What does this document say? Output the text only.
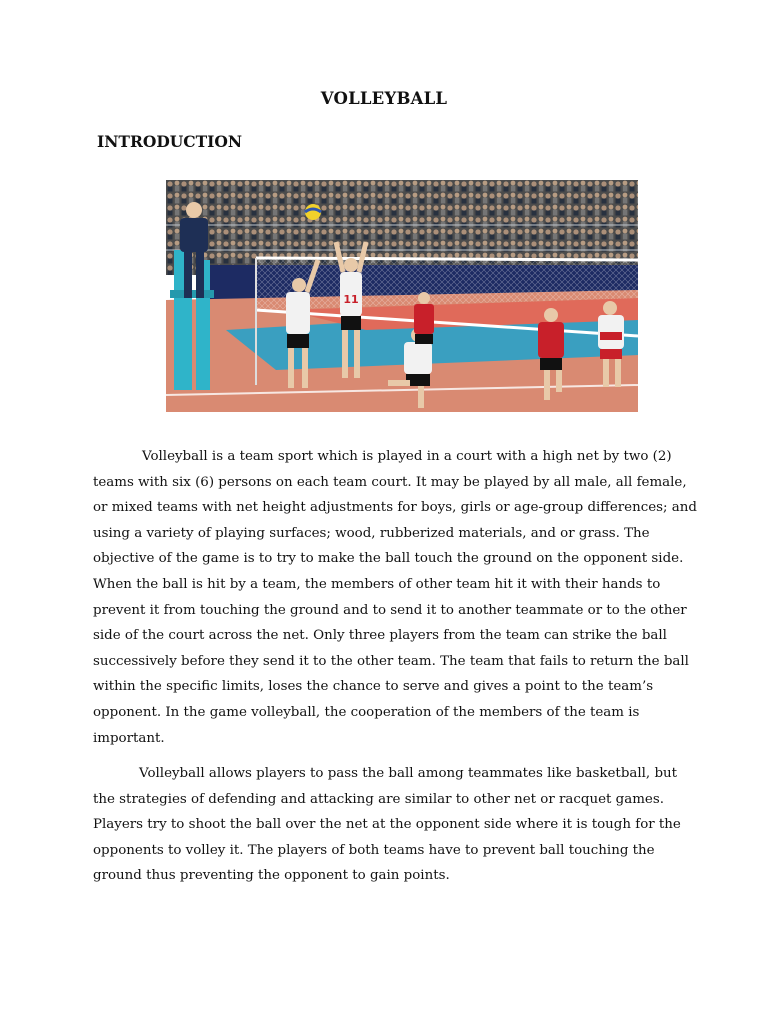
VOLLEYBALL
INTRODUCTION
11

Volleyball is a team sport which is played in a court with a high net by two (2)
teams with six (6) persons on each team court. It may be played by all male, all female,
or mixed teams with net height adjustments for boys, girls or age-group differences; and
using a variety of playing surfaces; wood, rubberized materials, and or grass. The
objective of the game is to try to make the ball touch the ground on the opponent side.
When the ball is hit by a team, the members of other team hit it with their hands to
prevent it from touching the ground and to send it to another teammate or to the other
side of the court across the net. Only three players from the team can strike the ball
successively before they send it to the other team. The team that fails to return the ball
within the specific limits, loses the chance to serve and gives a point to the team’s
opponent. In the game volleyball, the cooperation of the members of the team is
important.

Volleyball allows players to pass the ball among teammates like basketball, but
the strategies of defending and attacking are similar to other net or racquet games.
Players try to shoot the ball over the net at the opponent side where it is tough for the
opponents to volley it. The players of both teams have to prevent ball touching the
ground thus preventing the opponent to gain points.
